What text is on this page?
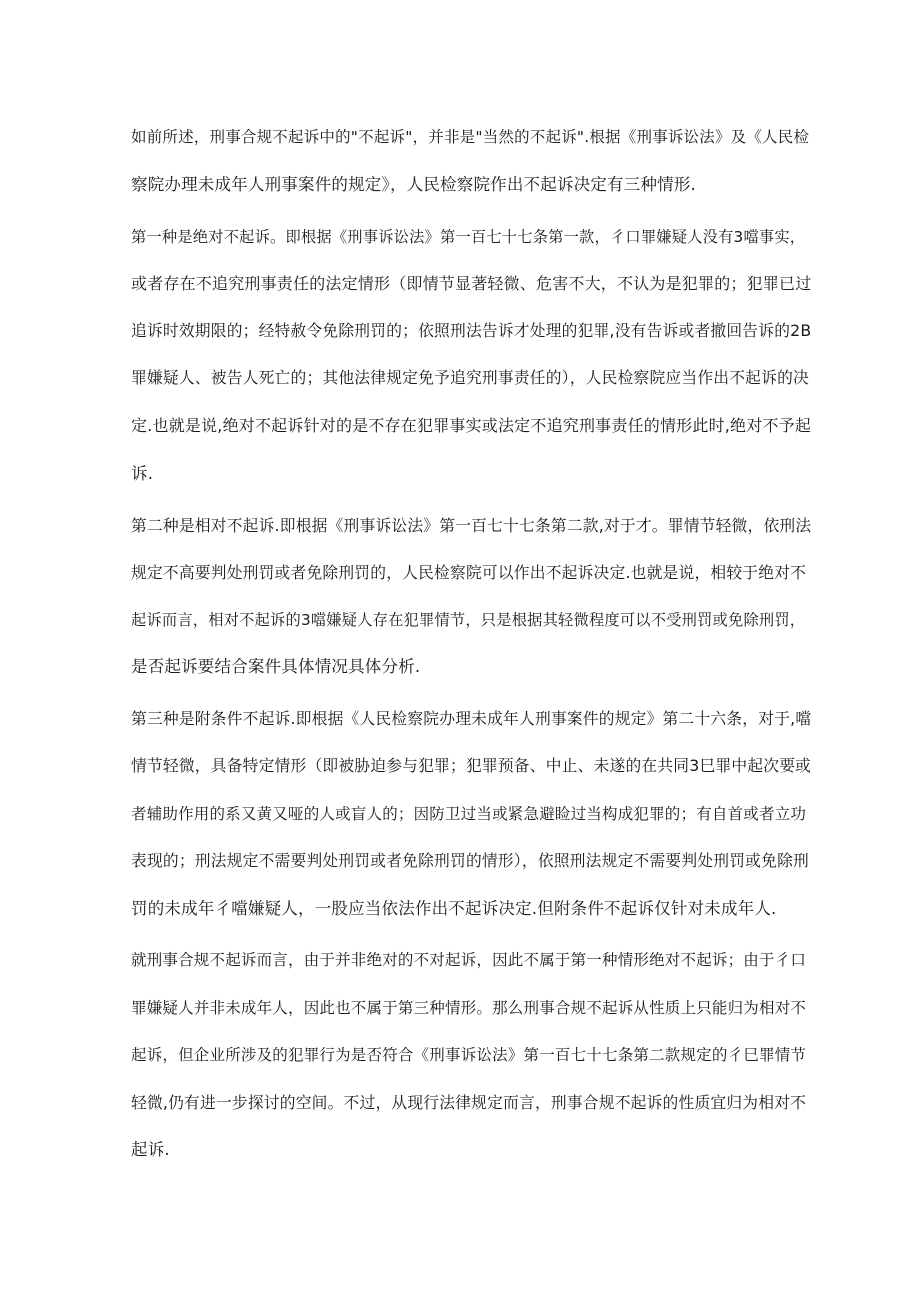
如前所述，刑事合规不起诉中的"不起诉"，并非是"当然的不起诉".根据《刑事诉讼法》及《人民检
察院办理未成年人刑事案件的规定》，人民检察院作出不起诉决定有三种情形.
第一种是绝对不起诉。即根据《刑事诉讼法》第一百七十七条第一款，彳口罪嫌疑人没有3噹事实，
或者存在不追究刑事责任的法定情形（即情节显著轻微、危害不大，不认为是犯罪的；犯罪已过
追诉时效期限的；经特赦令免除刑罚的；依照刑法告诉才处理的犯罪,没有告诉或者撤回告诉的2B
罪嫌疑人、被告人死亡的；其他法律规定免予追究刑事责任的），人民检察院应当作出不起诉的决
定.也就是说,绝对不起诉针对的是不存在犯罪事实或法定不追究刑事责任的情形此时,绝对不予起
诉.
第二种是相对不起诉.即根据《刑事诉讼法》第一百七十七条第二款,对于才。罪情节轻微，依刑法
规定不高要判处刑罚或者免除刑罚的，人民检察院可以作出不起诉决定.也就是说，相较于绝对不
起诉而言，相对不起诉的3噹嫌疑人存在犯罪情节，只是根据其轻微程度可以不受刑罚或免除刑罚，
是否起诉要结合案件具体情况具体分析.
第三种是附条件不起诉.即根据《人民检察院办理未成年人刑事案件的规定》第二十六条，对于,噹
情节轻微，具备特定情形（即被胁迫参与犯罪；犯罪预备、中止、未遂的在共同3巳罪中起次要或
者辅助作用的系又黄又哑的人或盲人的；因防卫过当或紧急避睑过当构成犯罪的；有自首或者立功
表现的；刑法规定不需要判处刑罚或者免除刑罚的情形），依照刑法规定不需要判处刑罚或免除刑
罚的未成年彳噹嫌疑人，一股应当依法作出不起诉决定.但附条件不起诉仅针对未成年人.
就刑事合规不起诉而言，由于并非绝对的不对起诉，因此不属于第一种情形绝对不起诉；由于彳口
罪嫌疑人并非未成年人，因此也不属于第三种情形。那么刑事合规不起诉从性质上只能归为相对不
起诉，但企业所涉及的犯罪行为是否符合《刑事诉讼法》第一百七十七条第二款规定的彳巳罪情节
轻微,仍有进一步探讨的空间。不过，从现行法律规定而言，刑事合规不起诉的性质宜归为相对不
起诉.
